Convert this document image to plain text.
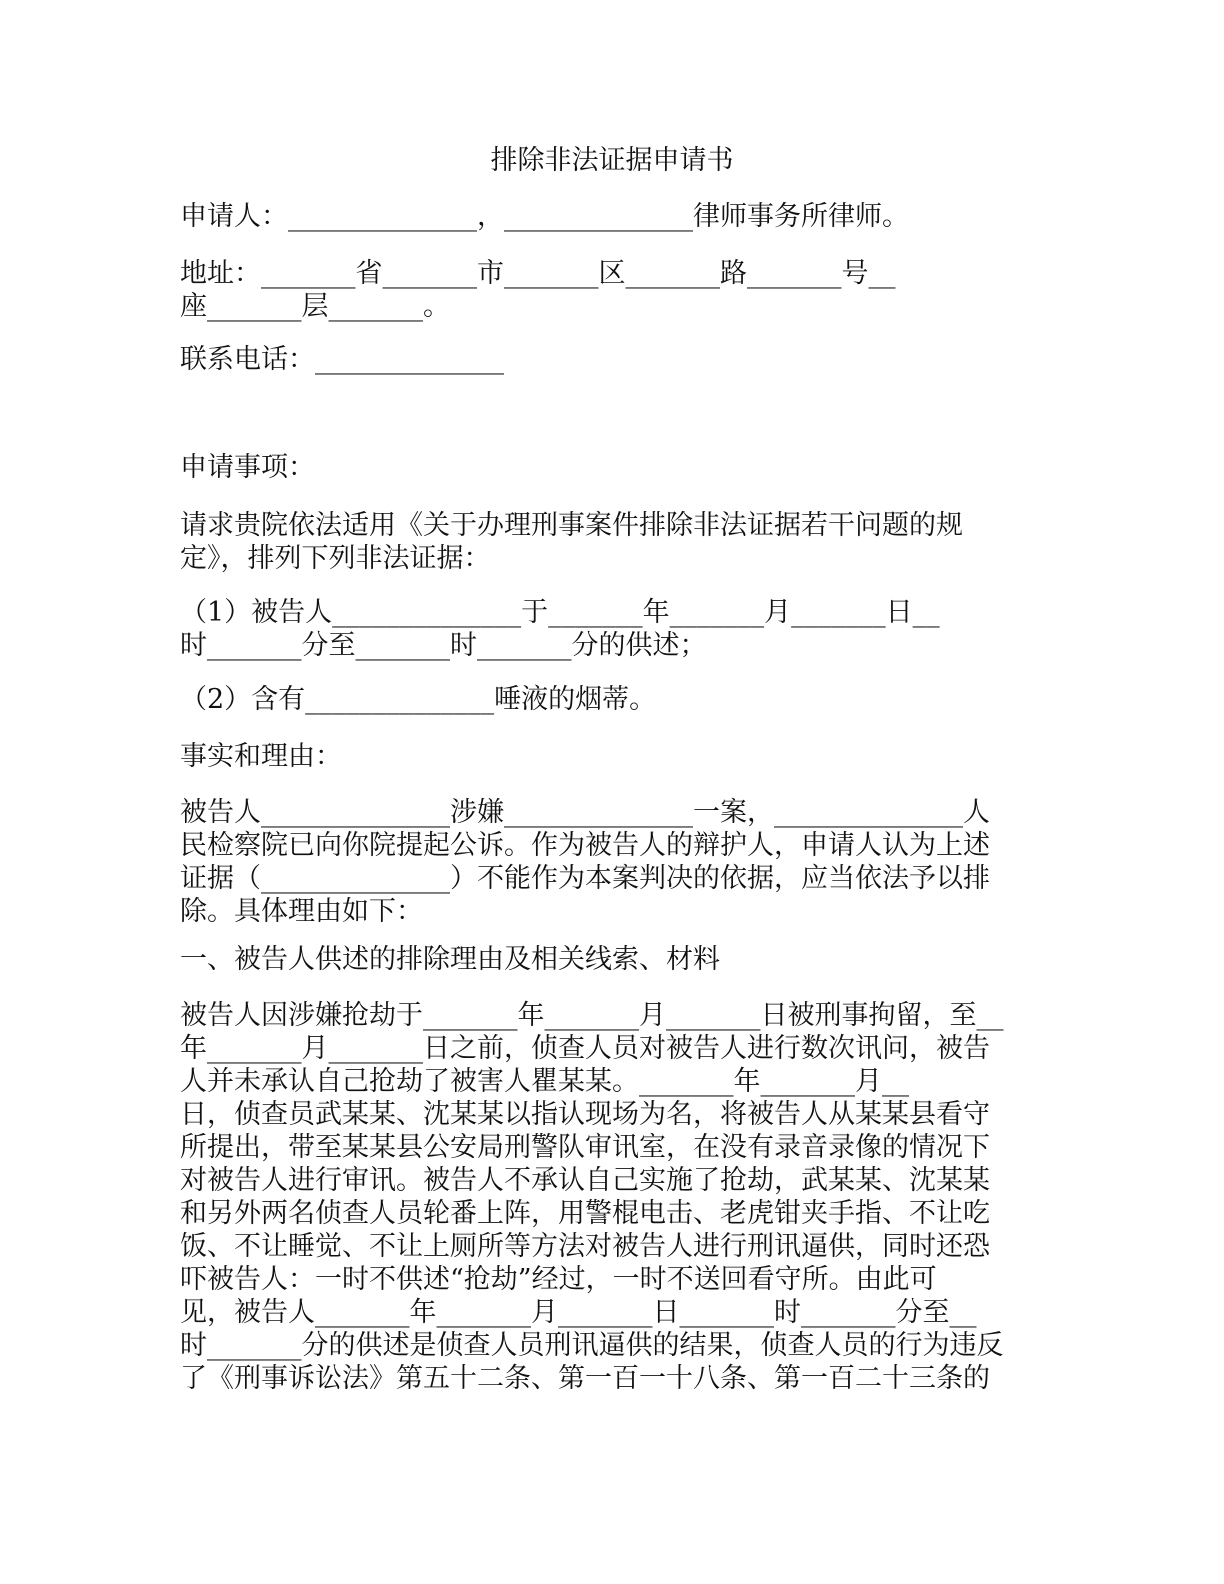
排除非法证据申请书
申请人：______________，______________律师事务所律师。
地址：_______省_______市_______区_______路_______号__
座_______层_______。
联系电话：______________
申请事项：
请求贵院依法适用《关于办理刑事案件排除非法证据若干问题的规
定》，排列下列非法证据：
（1）被告人______________于_______年_______月_______日__
时_______分至_______时_______分的供述；
（2）含有______________唾液的烟蒂。
事实和理由：
被告人______________涉嫌______________一案，______________人
民检察院已向你院提起公诉。作为被告人的辩护人，申请人认为上述
证据（______________）不能作为本案判决的依据，应当依法予以排
除。具体理由如下：
一、被告人供述的排除理由及相关线索、材料
被告人因涉嫌抢劫于_______年_______月_______日被刑事拘留，至__
年_______月_______日之前，侦查人员对被告人进行数次讯问，被告
人并未承认自己抢劫了被害人瞿某某。_______年_______月__
日，侦查员武某某、沈某某以指认现场为名，将被告人从某某县看守
所提出，带至某某县公安局刑警队审讯室，在没有录音录像的情况下
对被告人进行审讯。被告人不承认自己实施了抢劫，武某某、沈某某
和另外两名侦查人员轮番上阵，用警棍电击、老虎钳夹手指、不让吃
饭、不让睡觉、不让上厕所等方法对被告人进行刑讯逼供，同时还恐
吓被告人：一时不供述“抢劫”经过，一时不送回看守所。由此可
见，被告人_______年_______月_______日_______时_______分至__
时_______分的供述是侦查人员刑讯逼供的结果，侦查人员的行为违反
了《刑事诉讼法》第五十二条、第一百一十八条、第一百二十三条的
